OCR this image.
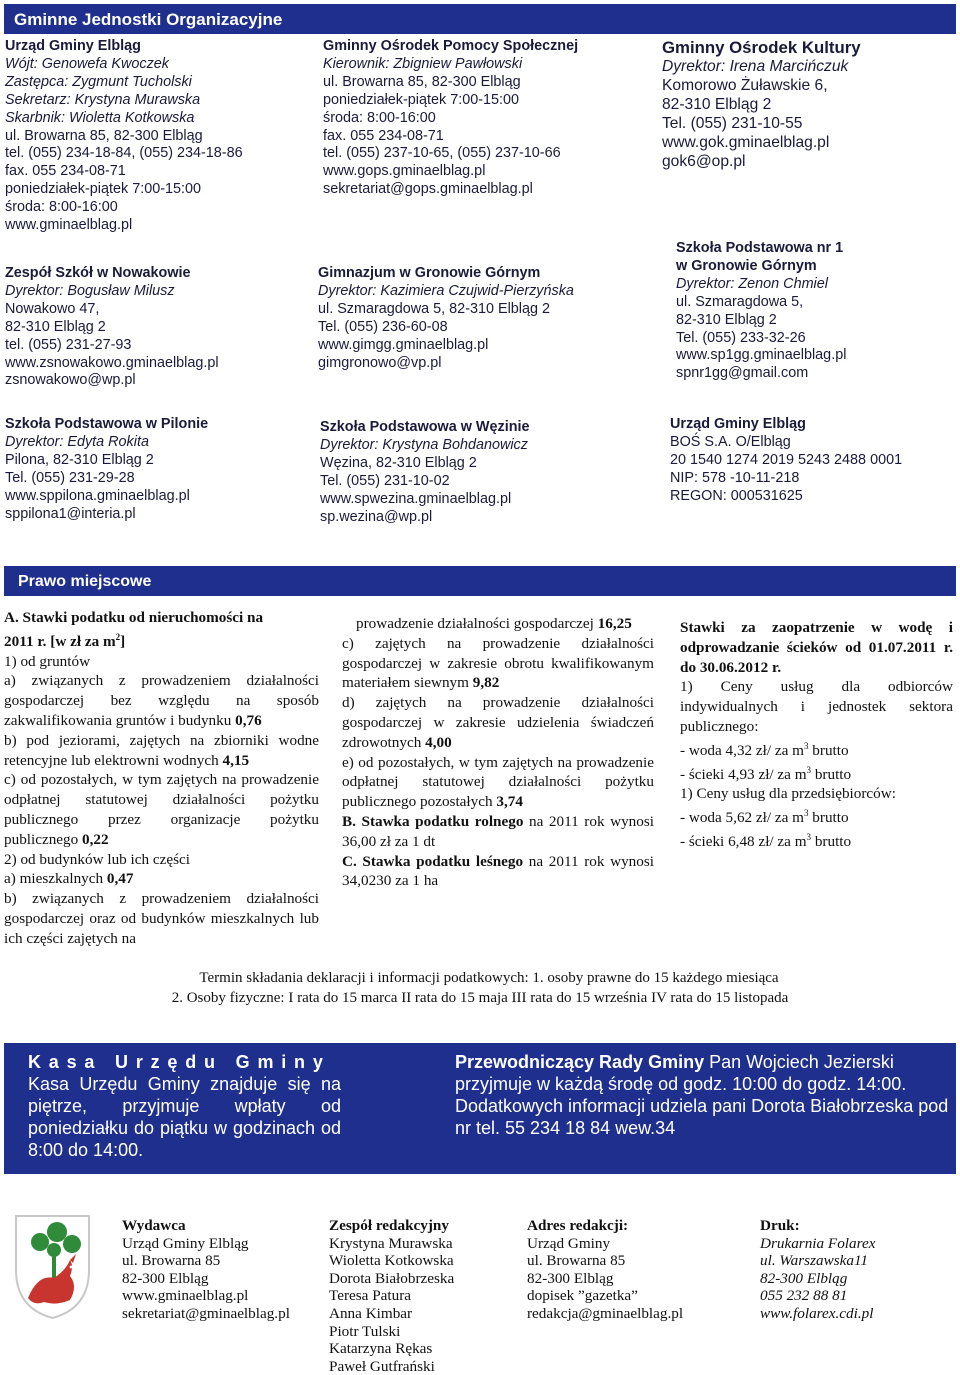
Gminne Jednostki Organizacyjne
Urząd Gminy Elbląg
Wójt: Genowefa Kwoczek
Zastępca: Zygmunt Tucholski
Sekretarz: Krystyna Murawska
Skarbnik: Wioletta Kotkowska
ul. Browarna 85, 82-300 Elbląg
tel. (055) 234-18-84, (055) 234-18-86
fax. 055 234-08-71
poniedziałek-piątek 7:00-15:00
środa: 8:00-16:00
www.gminaelblag.pl
Gminny Ośrodek Pomocy Społecznej
Kierownik: Zbigniew Pawłowski
ul. Browarna 85, 82-300 Elbląg
poniedziałek-piątek 7:00-15:00
środa: 8:00-16:00
fax. 055 234-08-71
tel. (055) 237-10-65, (055) 237-10-66
www.gops.gminaelblag.pl
sekretariat@gops.gminaelblag.pl
Gminny Ośrodek Kultury
Dyrektor: Irena Marcińczuk
Komorowo Żuławskie 6,
82-310 Elbląg 2
Tel. (055) 231-10-55
www.gok.gminaelblag.pl
gok6@op.pl
Zespół Szkół w Nowakowie
Dyrektor: Bogusław Milusz
Nowakowo 47,
82-310 Elbląg 2
tel. (055) 231-27-93
www.zsnowakowo.gminaelblag.pl
zsnowakowo@wp.pl
Gimnazjum w Gronowie Górnym
Dyrektor: Kazimiera Czujwid-Pierzyńska
ul. Szmaragdowa 5, 82-310 Elbląg 2
Tel. (055) 236-60-08
www.gimgg.gminaelblag.pl
gimgronowo@vp.pl
Szkoła Podstawowa nr 1
w Gronowie Górnym
Dyrektor: Zenon Chmiel
ul. Szmaragdowa 5,
82-310 Elbląg 2
Tel. (055) 233-32-26
www.sp1gg.gminaelblag.pl
spnr1gg@gmail.com
Szkoła Podstawowa w Pilonie
Dyrektor: Edyta Rokita
Pilona, 82-310 Elbląg 2
Tel. (055) 231-29-28
www.sppilona.gminaelblag.pl
sppilona1@interia.pl
Szkoła Podstawowa w Węzinie
Dyrektor: Krystyna Bohdanowicz
Węzina, 82-310 Elbląg 2
Tel. (055) 231-10-02
www.spwezina.gminaelblag.pl
sp.wezina@wp.pl
Urząd Gminy Elbląg
BOŚ S.A. O/Elbląg
20 1540 1274 2019 5243 2488 0001
NIP: 578 -10-11-218
REGON: 000531625
Prawo miejscowe

A. Stawki podatku od nieruchomości na
2011 r. [w zł za $m^2$]

1) od gruntów

a) związanych z prowadzeniem działalności gospodarczej bez względu na sposób zakwalifikowania gruntów i budynku 0,76

b) pod jeziorami, zajętych na zbiorniki wodne retencyjne lub elektrowni wodnych 4,15

c) od pozostałych, w tym zajętych na prowadzenie odpłatnej statutowej działalności pożytku publicznego przez organizacje pożytku publicznego 0,22

2) od budynków lub ich części

a) mieszkalnych 0,47

b) związanych z prowadzeniem działalności gospodarczej oraz od budynków mieszkalnych lub ich części zajętych na

prowadzenie działalności gospodarczej 16,25

c) zajętych na prowadzenie działalności gospodarczej w zakresie obrotu kwalifikowanym materiałem siewnym 9,82

d) zajętych na prowadzenie działalności gospodarczej w zakresie udzielenia świadczeń zdrowotnych 4,00

e) od pozostałych, w tym zajętych na prowadzenie odpłatnej statutowej działalności pożytku publicznego pozostałych 3,74

B. Stawka podatku rolnego na 2011 rok wynosi 36,00 zł za 1 dt

C. Stawka podatku leśnego na 2011 rok wynosi 34,0230 za 1 ha

Stawki za zaopatrzenie w wodę i odprowadzanie ścieków od 01.07.2011 r. do 30.06.2012 r.

1) Ceny usług dla odbiorców indywidualnych i jednostek sektora publicznego:

- woda 4,32 zł/ za $m^3$ brutto

- ścieki 4,93 zł/ za $m^3$ brutto

1) Ceny usług dla przedsiębiorców:

- woda 5,62 zł/ za $m^3$ brutto

- ścieki 6,48 zł/ za $m^3$ brutto

Termin składania deklaracji i informacji podatkowych: 1. osoby prawne do 15 każdego miesiąca
2. Osoby fizyczne: I rata do 15 marca II rata do 15 maja III rata do 15 września IV rata do 15 listopada
Kasa Urzędu Gminy
Kasa Urzędu Gminy znajduje się na piętrze, przyjmuje wpłaty od poniedziałku do piątku w godzinach od 8:00 do 14:00.
Przewodniczący Rady Gminy Pan Wojciech Jezierski przyjmuje w każdą środę od godz. 10:00 do godz. 14:00. Dodatkowych informacji udziela pani Dorota Białobrzeska pod nr tel. 55 234 18 84 wew.34
Wydawca
Urząd Gminy Elbląg
ul. Browarna 85
82-300 Elbląg
www.gminaelblag.pl
sekretariat@gminaelblag.pl
Zespół redakcyjny
Krystyna Murawska
Wioletta Kotkowska
Dorota Białobrzeska
Teresa Patura
Anna Kimbar
Piotr Tulski
Katarzyna Rękas
Paweł Gutfrański
Adres redakcji:
Urząd Gminy
ul. Browarna 85
82-300 Elbląg
dopisek ”gazetka”
redakcja@gminaelblag.pl
Druk:
Drukarnia Folarex
ul. Warszawska11
82-300 Elbląg
055 232 88 81
www.folarex.cdi.pl
